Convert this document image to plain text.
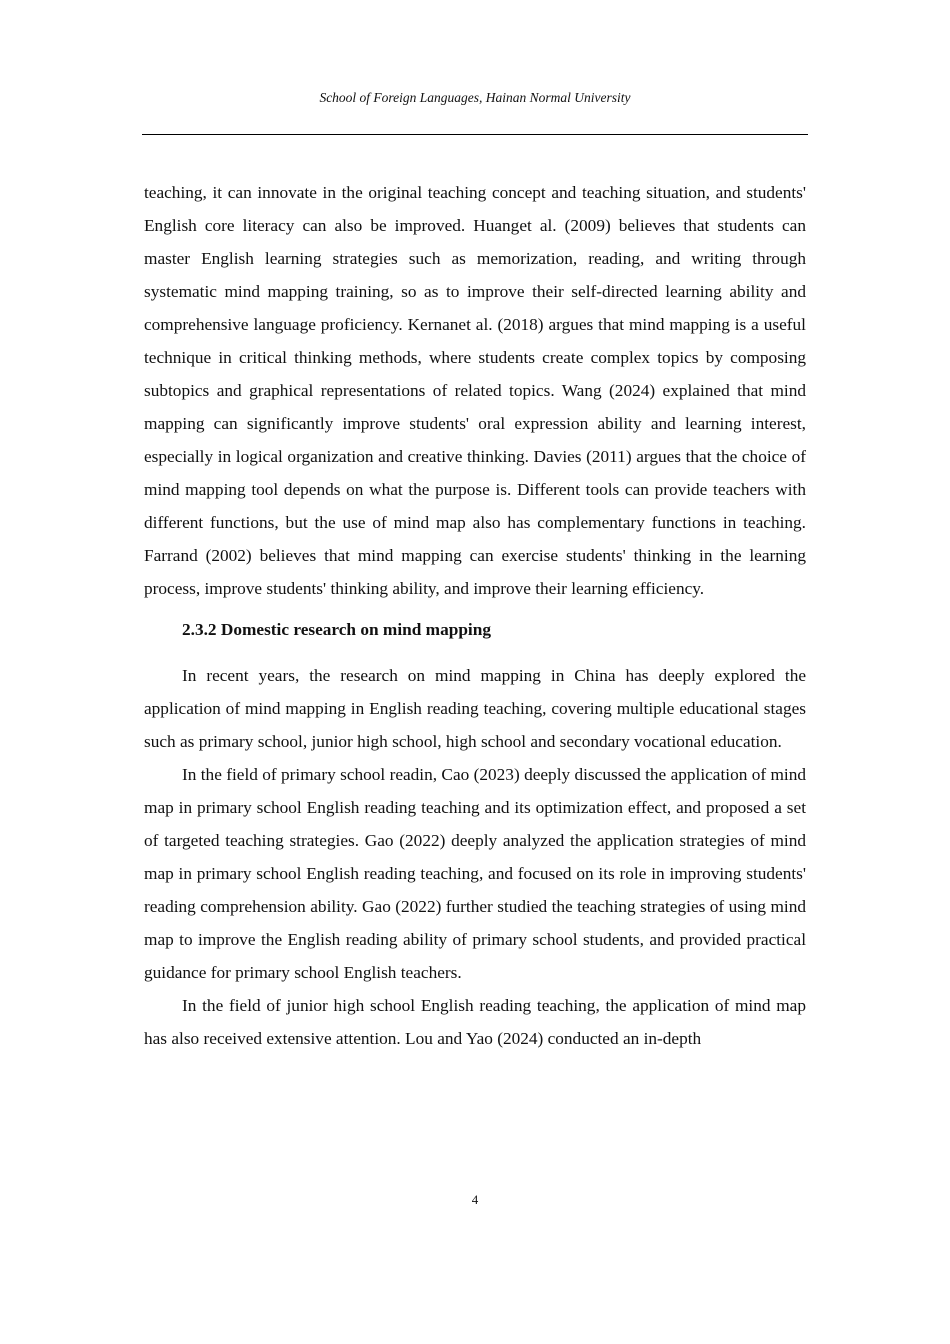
School of Foreign Languages, Hainan Normal University

teaching, it can innovate in the original teaching concept and teaching situation, and students' English core literacy can also be improved. Huanget al. (2009) believes that students can master English learning strategies such as memorization, reading, and writing through systematic mind mapping training, so as to improve their self-directed learning ability and comprehensive language proficiency. Kernanet al. (2018) argues that mind mapping is a useful technique in critical thinking methods, where students create complex topics by composing subtopics and graphical representations of related topics. Wang (2024) explained that mind mapping can significantly improve students' oral expression ability and learning interest, especially in logical organization and creative thinking. Davies (2011) argues that the choice of mind mapping tool depends on what the purpose is. Different tools can provide teachers with different functions, but the use of mind map also has complementary functions in teaching. Farrand (2002) believes that mind mapping can exercise students' thinking in the learning process, improve students' thinking ability, and improve their learning efficiency.

2.3.2 Domestic research on mind mapping

In recent years, the research on mind mapping in China has deeply explored the application of mind mapping in English reading teaching, covering multiple educational stages such as primary school, junior high school, high school and secondary vocational education.

In the field of primary school readin, Cao (2023) deeply discussed the application of mind map in primary school English reading teaching and its optimization effect, and proposed a set of targeted teaching strategies. Gao (2022) deeply analyzed the application strategies of mind map in primary school English reading teaching, and focused on its role in improving students' reading comprehension ability. Gao (2022) further studied the teaching strategies of using mind map to improve the English reading ability of primary school students, and provided practical guidance for primary school English teachers.

In the field of junior high school English reading teaching, the application of mind map has also received extensive attention. Lou and Yao (2024) conducted an in-depth

4
